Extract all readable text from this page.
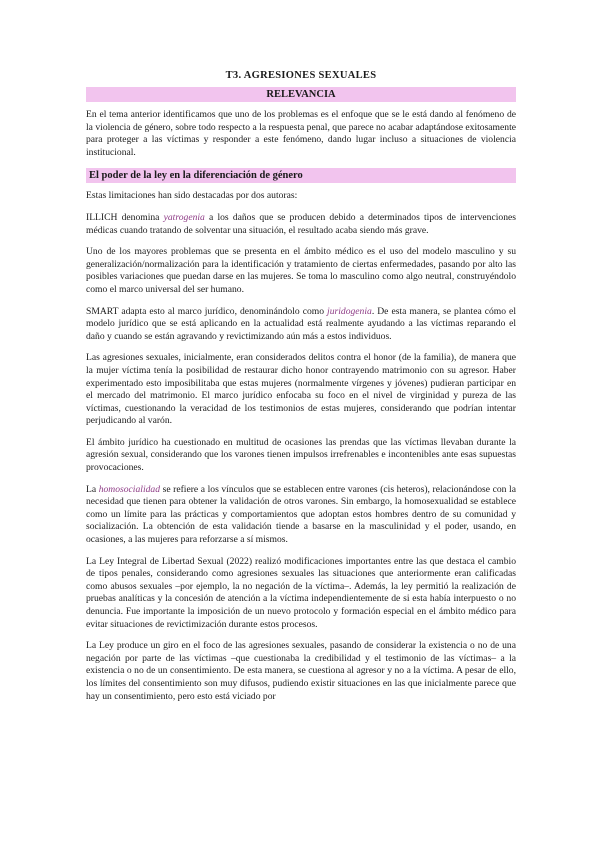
T3. AGRESIONES SEXUALES
RELEVANCIA

En el tema anterior identificamos que uno de los problemas es el enfoque que se le está dando al fenómeno de la violencia de género, sobre todo respecto a la respuesta penal, que parece no acabar adaptándose exitosamente para proteger a las víctimas y responder a este fenómeno, dando lugar incluso a situaciones de violencia institucional.

El poder de la ley en la diferenciación de género

Estas limitaciones han sido destacadas por dos autoras:

ILLICH denomina yatrogenia a los daños que se producen debido a determinados tipos de intervenciones médicas cuando tratando de solventar una situación, el resultado acaba siendo más grave.

Uno de los mayores problemas que se presenta en el ámbito médico es el uso del modelo masculino y su generalización/normalización para la identificación y tratamiento de ciertas enfermedades, pasando por alto las posibles variaciones que puedan darse en las mujeres. Se toma lo masculino como algo neutral, construyéndolo como el marco universal del ser humano.

SMART adapta esto al marco jurídico, denominándolo como juridogenia. De esta manera, se plantea cómo el modelo jurídico que se está aplicando en la actualidad está realmente ayudando a las víctimas reparando el daño y cuando se están agravando y revictimizando aún más a estos individuos.

Las agresiones sexuales, inicialmente, eran considerados delitos contra el honor (de la familia), de manera que la mujer víctima tenía la posibilidad de restaurar dicho honor contrayendo matrimonio con su agresor. Haber experimentado esto imposibilitaba que estas mujeres (normalmente vírgenes y jóvenes) pudieran participar en el mercado del matrimonio. El marco jurídico enfocaba su foco en el nivel de virginidad y pureza de las víctimas, cuestionando la veracidad de los testimonios de estas mujeres, considerando que podrían intentar perjudicando al varón.

El ámbito jurídico ha cuestionado en multitud de ocasiones las prendas que las víctimas llevaban durante la agresión sexual, considerando que los varones tienen impulsos irrefrenables e incontenibles ante esas supuestas provocaciones.

La homosocialidad se refiere a los vínculos que se establecen entre varones (cis heteros), relacionándose con la necesidad que tienen para obtener la validación de otros varones. Sin embargo, la homosexualidad se establece como un límite para las prácticas y comportamientos que adoptan estos hombres dentro de su comunidad y socialización. La obtención de esta validación tiende a basarse en la masculinidad y el poder, usando, en ocasiones, a las mujeres para reforzarse a sí mismos.

La Ley Integral de Libertad Sexual (2022) realizó modificaciones importantes entre las que destaca el cambio de tipos penales, considerando como agresiones sexuales las situaciones que anteriormente eran calificadas como abusos sexuales –por ejemplo, la no negación de la víctima–. Además, la ley permitió la realización de pruebas analíticas y la concesión de atención a la víctima independientemente de si esta había interpuesto o no denuncia. Fue importante la imposición de un nuevo protocolo y formación especial en el ámbito médico para evitar situaciones de revictimización durante estos procesos.

La Ley produce un giro en el foco de las agresiones sexuales, pasando de considerar la existencia o no de una negación por parte de las víctimas –que cuestionaba la credibilidad y el testimonio de las víctimas– a la existencia o no de un consentimiento. De esta manera, se cuestiona al agresor y no a la víctima. A pesar de ello, los límites del consentimiento son muy difusos, pudiendo existir situaciones en las que inicialmente parece que hay un consentimiento, pero esto está viciado por
